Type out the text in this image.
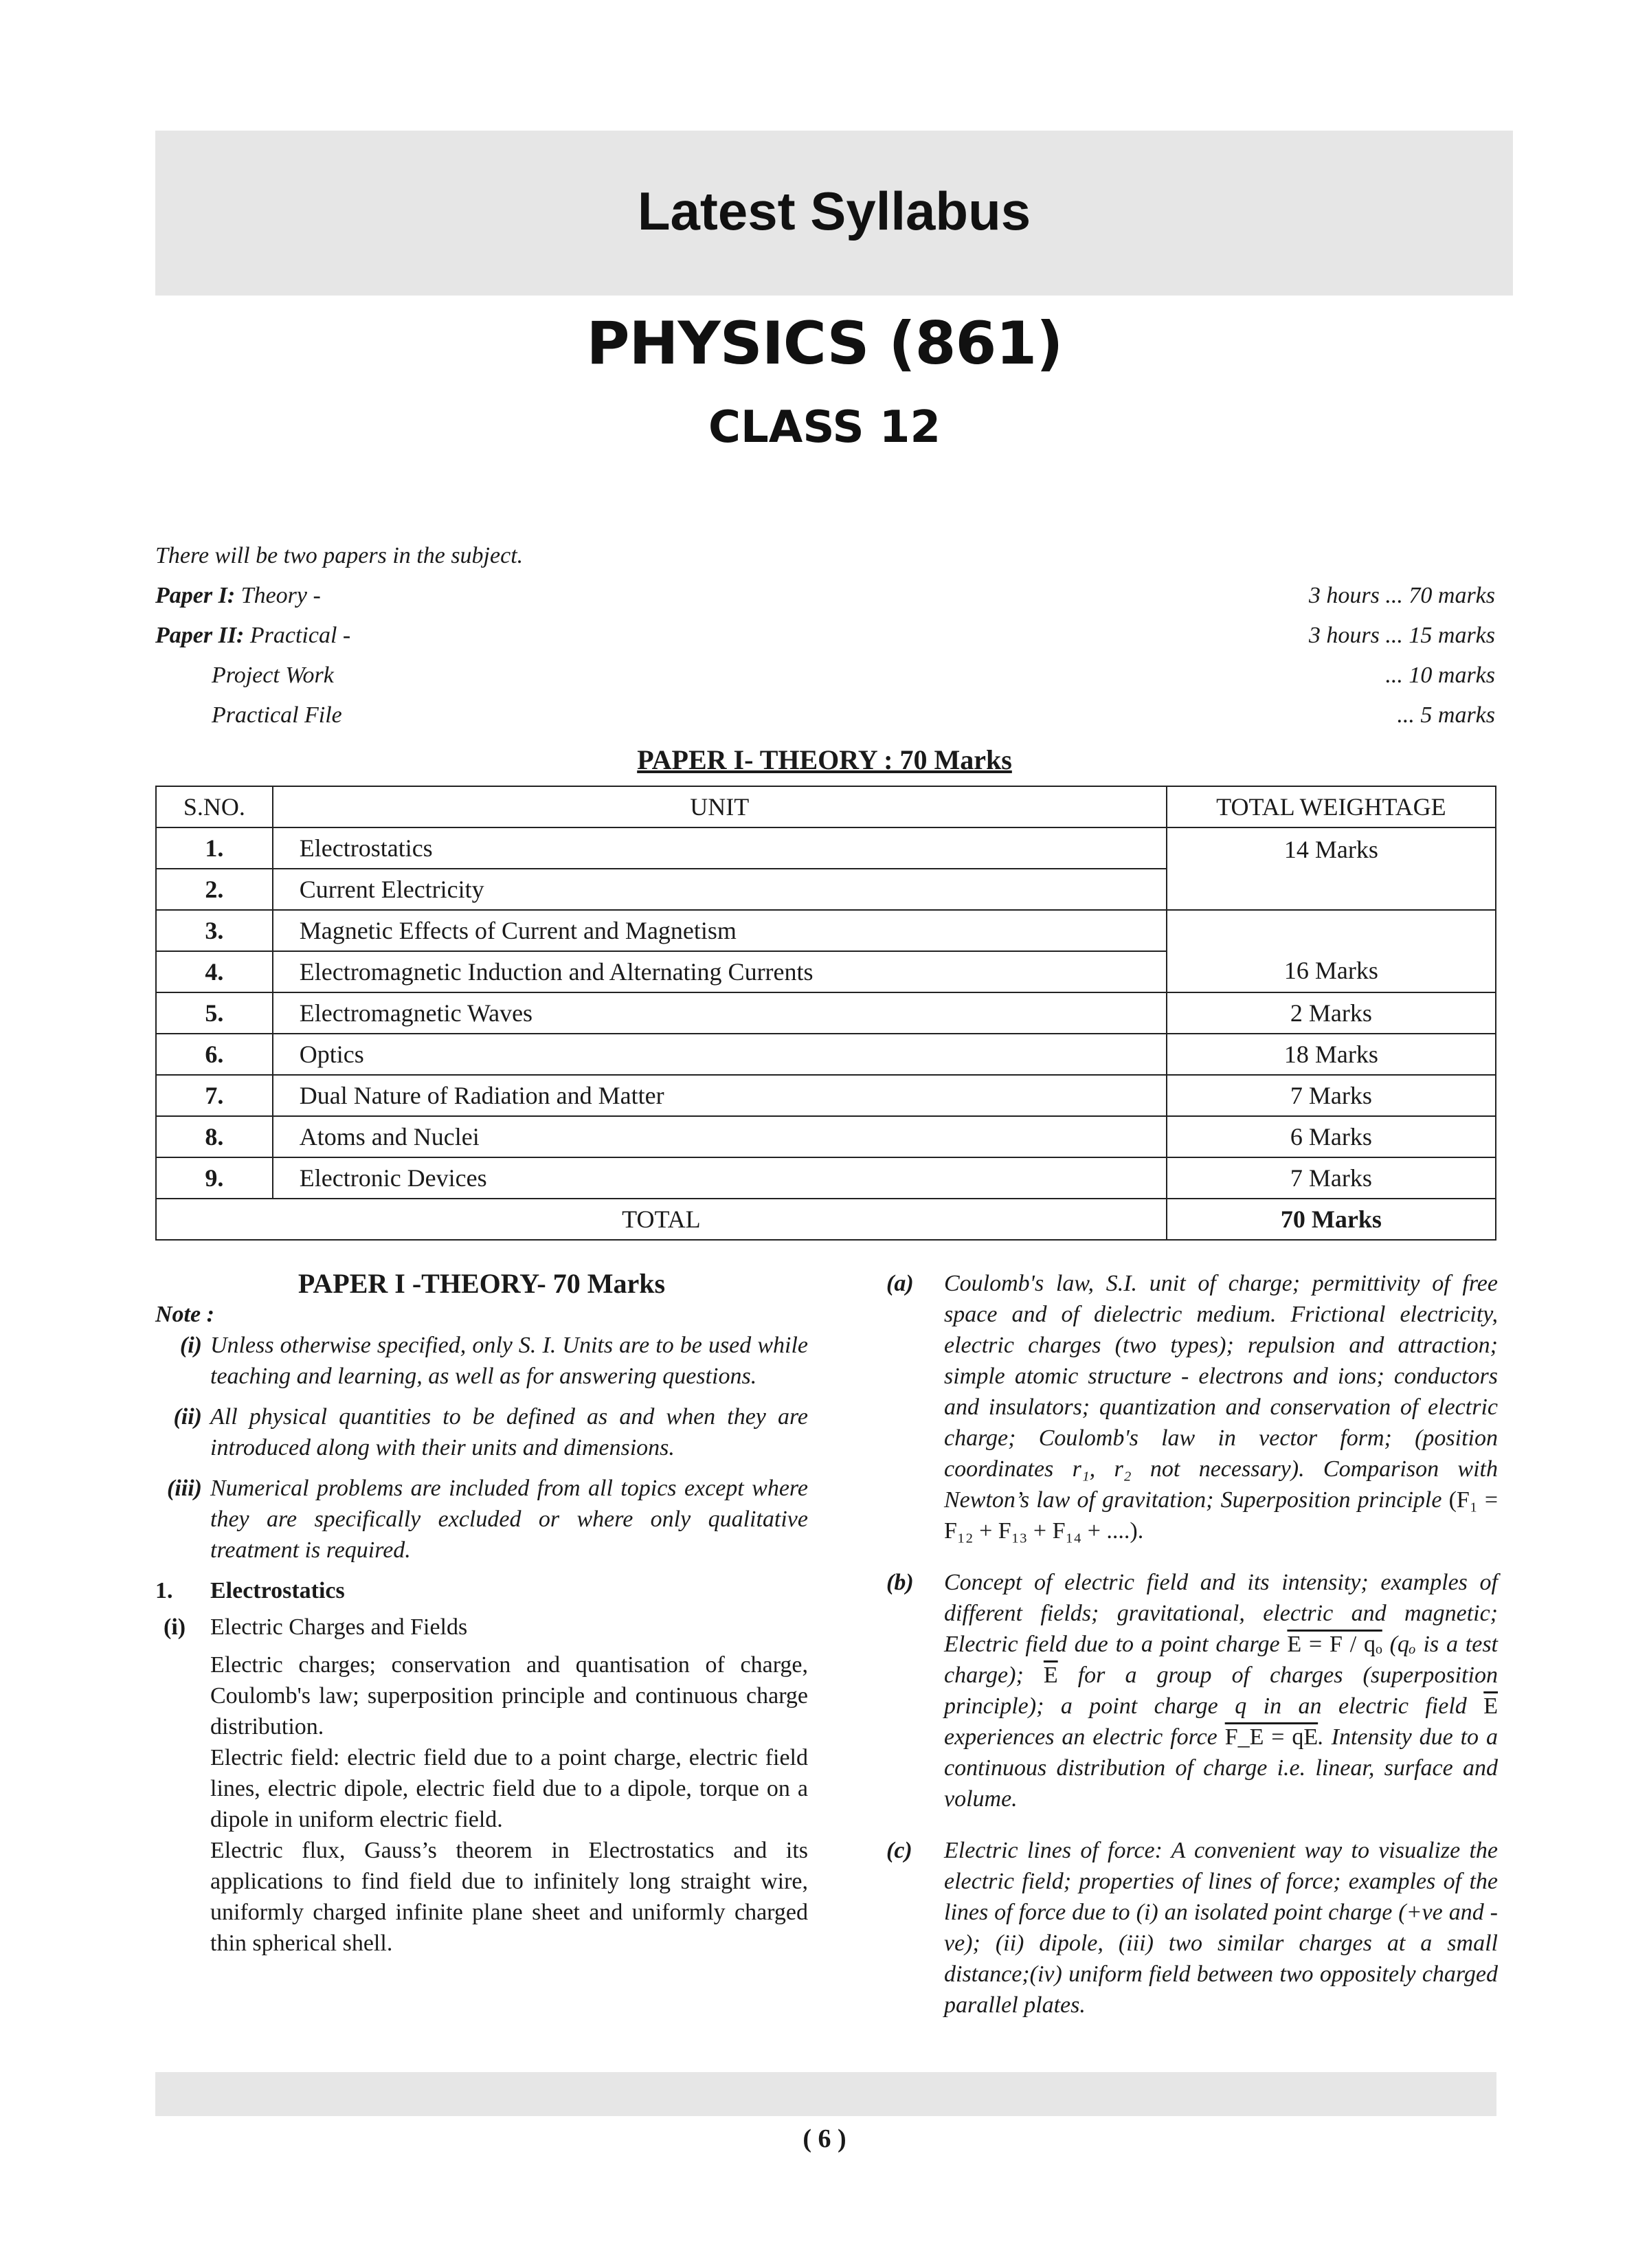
Latest Syllabus
PHYSICS (861)
CLASS 12
There will be two papers in the subject.
Paper I: Theory -	3 hours ... 70 marks
Paper II: Practical -	3 hours ... 15 marks
Project Work	... 10 marks
Practical File	... 5 marks
PAPER I- THEORY : 70 Marks
S.NO.	UNIT	TOTAL WEIGHTAGE
1.	Electrostatics	14 Marks
2.	Current Electricity	
3.	Magnetic Effects of Current and Magnetism	16 Marks
4.	Electromagnetic Induction and Alternating Currents	
5.	Electromagnetic Waves	2 Marks
6.	Optics	18 Marks
7.	Dual Nature of Radiation and Matter	7 Marks
8.	Atoms and Nuclei	6 Marks
9.	Electronic Devices	7 Marks
TOTAL		70 Marks

PAPER I -THEORY- 70 Marks

Note :

(i) Unless otherwise specified, only S. I. Units are to be used while teaching and learning, as well as for answering questions.

(ii) All physical quantities to be defined as and when they are introduced along with their units and dimensions.

(iii) Numerical problems are included from all topics except where they are specifically excluded or where only qualitative treatment is required.

1. Electrostatics
(i) Electric Charges and Fields

Electric charges; conservation and quantisation of charge, Coulomb's law; superposition principle and continuous charge distribution.

Electric field: electric field due to a point charge, electric field lines, electric dipole, electric field due to a dipole, torque on a dipole in uniform electric field.

Electric flux, Gauss’s theorem in Electrostatics and its applications to find field due to infinitely long straight wire, uniformly charged infinite plane sheet and uniformly charged thin spherical shell.

(a) Coulomb's law, S.I. unit of charge; permittivity of free space and of dielectric medium. Frictional electricity, electric charges (two types); repulsion and attraction; simple atomic structure - electrons and ions; conductors and insulators; quantization and conservation of electric charge; Coulomb's law in vector form; (position coordinates r₁, r₂ not necessary). Comparison with Newton’s law of gravitation; Superposition principle (F₁ = F₁₂ + F₁₃ + F₁₄ + ....).

(b) Concept of electric field and its intensity; examples of different fields; gravitational, electric and magnetic; Electric field due to a point charge E = F / qₒ (qₒ is a test charge); $\overline{E}$ for a group of charges (superposition principle); a point charge q in an electric field $\overline{E}$ experiences an electric force F_E = qE. Intensity due to a continuous distribution of charge i.e. linear, surface and volume.

(c) Electric lines of force: A convenient way to visualize the electric field; properties of lines of force; examples of the lines of force due to (i) an isolated point charge (+ve and - ve); (ii) dipole, (iii) two similar charges at a small distance;(iv) uniform field between two oppositely charged parallel plates.

( 6 )
